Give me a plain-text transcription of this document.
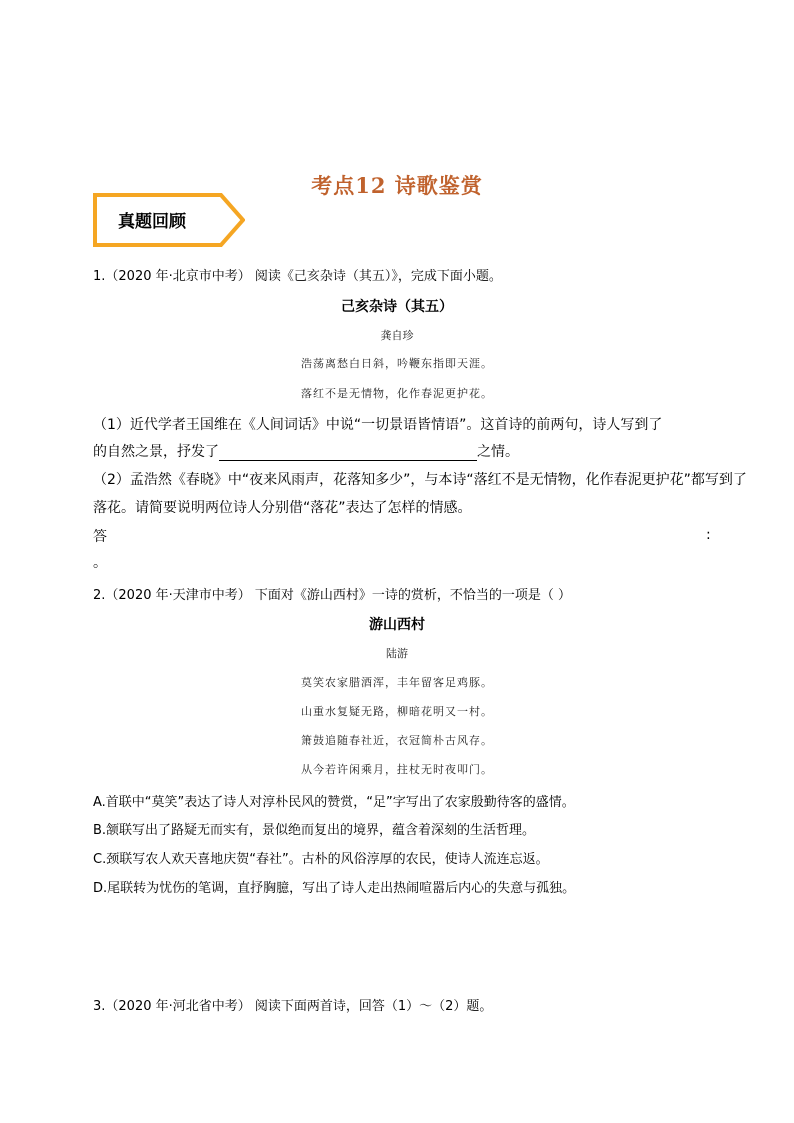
考点12 诗歌鉴赏
真题回顾
1.（2020 年·北京市中考） 阅读《己亥杂诗（其五）》，完成下面小题。
己亥杂诗（其五）
龚自珍
浩荡离愁白日斜，吟鞭东指即天涯。
落红不是无情物，化作春泥更护花。
（1）近代学者王国维在《人间词话》中说“一切景语皆情语”。这首诗的前两句，诗人写到了
的自然之景，抒发了	之情。
（2）孟浩然《春晓》中“夜来风雨声，花落知多少”，与本诗“落红不是无情物，化作春泥更护花”都写到了
落花。请简要说明两位诗人分别借“落花”表达了怎样的情感。
答	:
。
2.（2020 年·天津市中考） 下面对《游山西村》一诗的赏析，不恰当的一项是（ ）
游山西村
陆游
莫笑农家腊酒浑，丰年留客足鸡豚。
山重水复疑无路，柳暗花明又一村。
箫鼓追随春社近，衣冠简朴古风存。
从今若许闲乘月，拄杖无时夜叩门。
A.首联中“莫笑”表达了诗人对淳朴民风的赞赏，“足”字写出了农家殷勤待客的盛情。
B.颔联写出了路疑无而实有，景似绝而复出的境界，蕴含着深刻的生活哲理。
C.颈联写农人欢天喜地庆贺“春社”。古朴的风俗淳厚的农民，使诗人流连忘返。
D.尾联转为忧伤的笔调，直抒胸臆，写出了诗人走出热闹喧嚣后内心的失意与孤独。
3.（2020 年·河北省中考） 阅读下面两首诗，回答（1）～（2）题。
